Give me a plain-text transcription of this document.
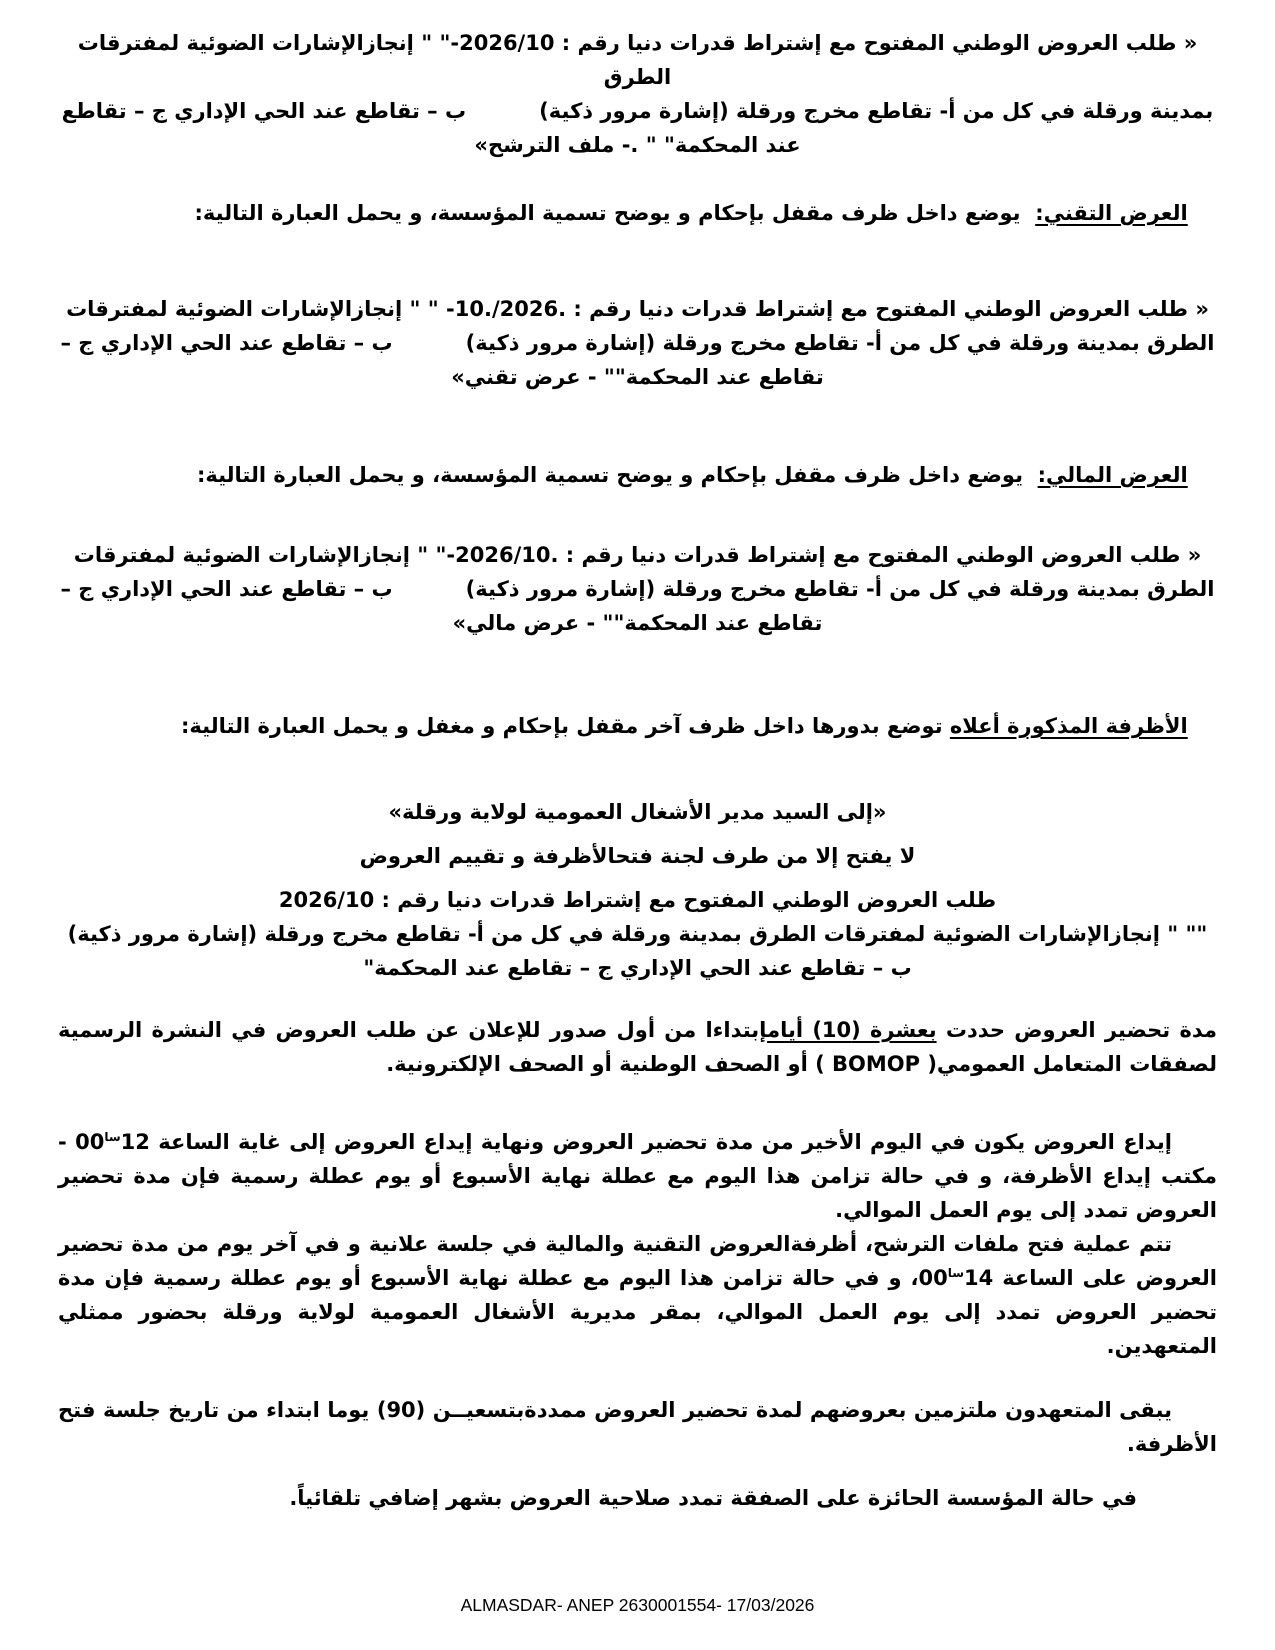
« طلب العروض الوطني المفتوح مع إشتراط قدرات دنيا رقم : 2026/10-" " إنجازالإشارات الضوئية لمفترقات الطرق
بمدينة ورقلة في كل من أ- تقاطع مخرج ورقلة (إشارة مرور ذكية)          ب – تقاطع عند الحي الإداري ج – تقاطع
عند المحكمة" " .- ملف الترشح»

العرض التقني:  يوضع داخل ظرف مقفل بإحكام و يوضح تسمية المؤسسة، و يحمل العبارة التالية:

« طلب العروض الوطني المفتوح مع إشتراط قدرات دنيا رقم : .2026/.10- " " إنجازالإشارات الضوئية لمفترقات
الطرق بمدينة ورقلة في كل من أ- تقاطع مخرج ورقلة (إشارة مرور ذكية)          ب – تقاطع عند الحي الإداري ج –
تقاطع عند المحكمة"" - عرض تقني»

العرض المالي:  يوضع داخل ظرف مقفل بإحكام و يوضح تسمية المؤسسة، و يحمل العبارة التالية:

« طلب العروض الوطني المفتوح مع إشتراط قدرات دنيا رقم : .2026/10-" " إنجازالإشارات الضوئية لمفترقات
الطرق بمدينة ورقلة في كل من أ- تقاطع مخرج ورقلة (إشارة مرور ذكية)          ب – تقاطع عند الحي الإداري ج –
تقاطع عند المحكمة"" - عرض مالي»

الأظرفة المذكورة أعلاه توضع بدورها داخل ظرف آخر مقفل بإحكام و مغفل و يحمل العبارة التالية:

«إلى السيد مدير الأشغال العمومية لولاية ورقلة»
لا يفتح إلا من طرف لجنة فتحالأظرفة و تقييم العروض
طلب العروض الوطني المفتوح مع إشتراط قدرات دنيا رقم : 2026/10
"" " إنجازالإشارات الضوئية لمفترقات الطرق بمدينة ورقلة في كل من أ- تقاطع مخرج ورقلة (إشارة مرور ذكية)
ب – تقاطع عند الحي الإداري ج – تقاطع عند المحكمة"
مدة تحضير العروض حددت بعشرة (10) أيامإبتداءا من أول صدور للإعلان عن طلب العروض في النشرة الرسمية لصفقات المتعامل العمومي( BOMOP ) أو الصحف الوطنية أو الصحف الإلكترونية.
إيداع العروض يكون في اليوم الأخير من مدة تحضير العروض ونهاية إيداع العروض إلى غاية الساعة $12^{سا}00$ - مكتب إيداع الأظرفة، و في حالة تزامن هذا اليوم مع عطلة نهاية الأسبوع أو يوم عطلة رسمية فإن مدة تحضير العروض تمدد إلى يوم العمل الموالي.
تتم عملية فتح ملفات الترشح، أظرفةالعروض التقنية والمالية في جلسة علانية و في آخر يوم من مدة تحضير العروض على الساعة $14^{سا}00،$ و في حالة تزامن هذا اليوم مع عطلة نهاية الأسبوع أو يوم عطلة رسمية فإن مدة تحضير العروض تمدد إلى يوم العمل الموالي، بمقر مديرية الأشغال العمومية لولاية ورقلة بحضور ممثلي المتعهدين.
يبقى المتعهدون ملتزمين بعروضهم لمدة تحضير العروض ممددةبتسعيــن (90) يوما ابتداء من تاريخ جلسة فتح الأظرفة.
في حالة المؤسسة الحائزة على الصفقة تمدد صلاحية العروض بشهر إضافي تلقائياً.
ALMASDAR- ANEP 2630001554- 17/03/2026
